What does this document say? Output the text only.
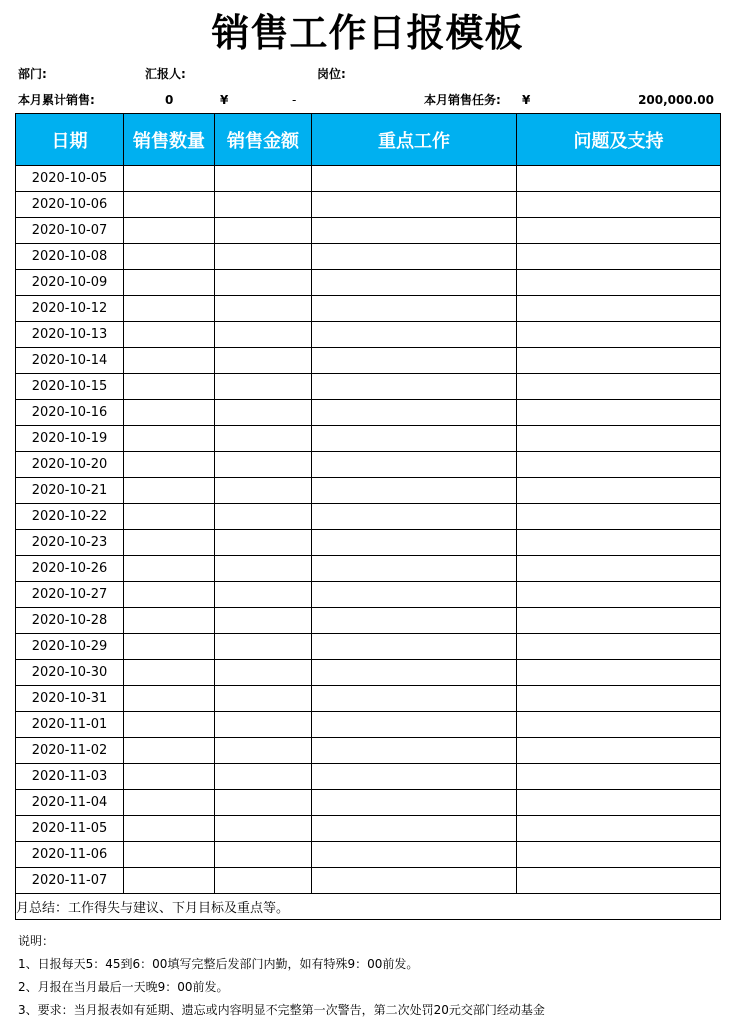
销售工作日报模板
部门:	汇报人:	岗位:
本月累计销售:	0	¥	-	本月销售任务: ¥	200,000.00
日期	销售数量	销售金额	重点工作	问题及支持
2020-10-05				
2020-10-06				
2020-10-07				
2020-10-08				
2020-10-09				
2020-10-12				
2020-10-13				
2020-10-14				
2020-10-15				
2020-10-16				
2020-10-19				
2020-10-20				
2020-10-21				
2020-10-22				
2020-10-23				
2020-10-26				
2020-10-27				
2020-10-28				
2020-10-29				
2020-10-30				
2020-10-31				
2020-11-01				
2020-11-02				
2020-11-03				
2020-11-04				
2020-11-05				
2020-11-06				
2020-11-07				
月总结：工作得失与建议、下月目标及重点等。				
说明：
1、日报每天5：45到6：00填写完整后发部门内勤，如有特殊9：00前发。
2、月报在当月最后一天晚9：00前发。
3、要求：当月报表如有延期、遗忘或内容明显不完整第一次警告，第二次处罚20元交部门经动基金
